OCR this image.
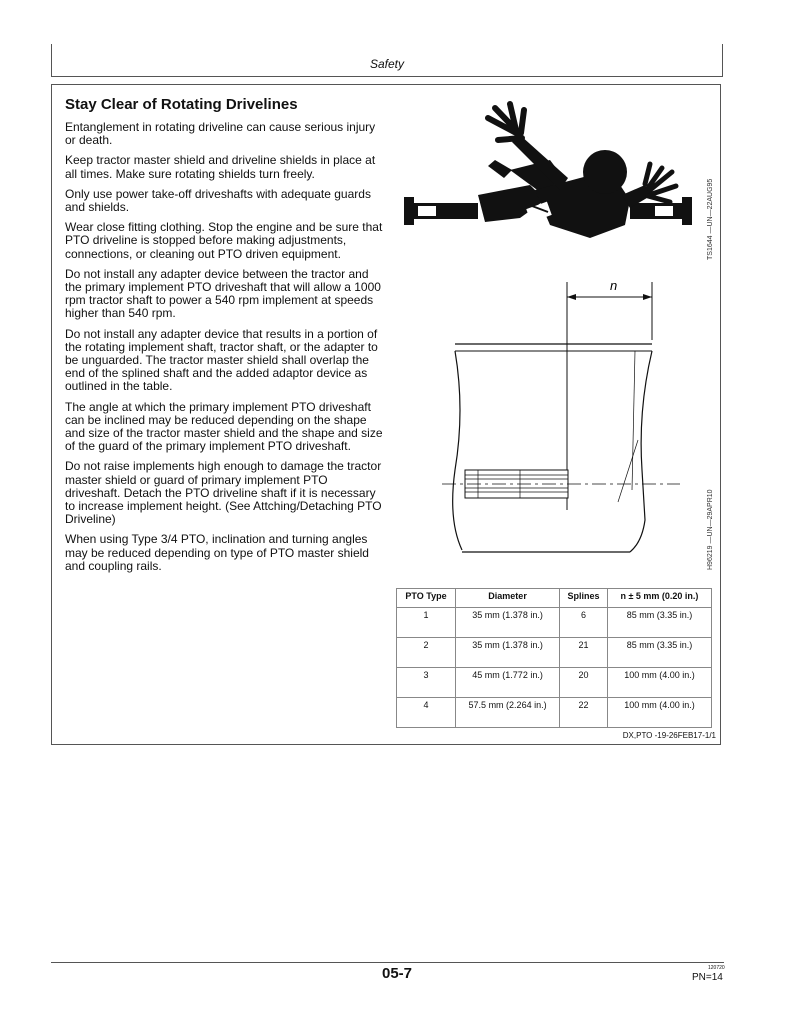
Safety
Stay Clear of Rotating Drivelines

Entanglement in rotating driveline can cause serious injury or death.

Keep tractor master shield and driveline shields in place at all times. Make sure rotating shields turn freely.

Only use power take-off driveshafts with adequate guards and shields.

Wear close fitting clothing. Stop the engine and be sure that PTO driveline is stopped before making adjustments, connections, or cleaning out PTO driven equipment.

Do not install any adapter device between the tractor and the primary implement PTO driveshaft that will allow a 1000 rpm tractor shaft to power a 540 rpm implement at speeds higher than 540 rpm.

Do not install any adapter device that results in a portion of the rotating implement shaft, tractor shaft, or the adapter to be unguarded. The tractor master shield shall overlap the end of the splined shaft and the added adaptor device as outlined in the table.

The angle at which the primary implement PTO driveshaft can be inclined may be reduced depending on the shape and size of the tractor master shield and the shape and size of the guard of the primary implement PTO driveshaft.

Do not raise implements high enough to damage the tractor master shield or guard of primary implement PTO driveshaft. Detach the PTO driveline shaft if it is necessary to increase implement height. (See Attching/Detaching PTO Driveline)

When using Type 3/4 PTO, inclination and turning angles may be reduced depending on type of PTO master shield and coupling rails.

TS1644 —UN—22AUG95
n
H96219 —UN—29APR10
PTO Type	Diameter	Splines	n ± 5 mm (0.20 in.)
1	35 mm (1.378 in.)	6	85 mm (3.35 in.)
2	35 mm (1.378 in.)	21	85 mm (3.35 in.)
3	45 mm (1.772 in.)	20	100 mm (4.00 in.)
4	57.5 mm (2.264 in.)	22	100 mm (4.00 in.)
DX,PTO -19-26FEB17-1/1
05-7	120720
PN=14
